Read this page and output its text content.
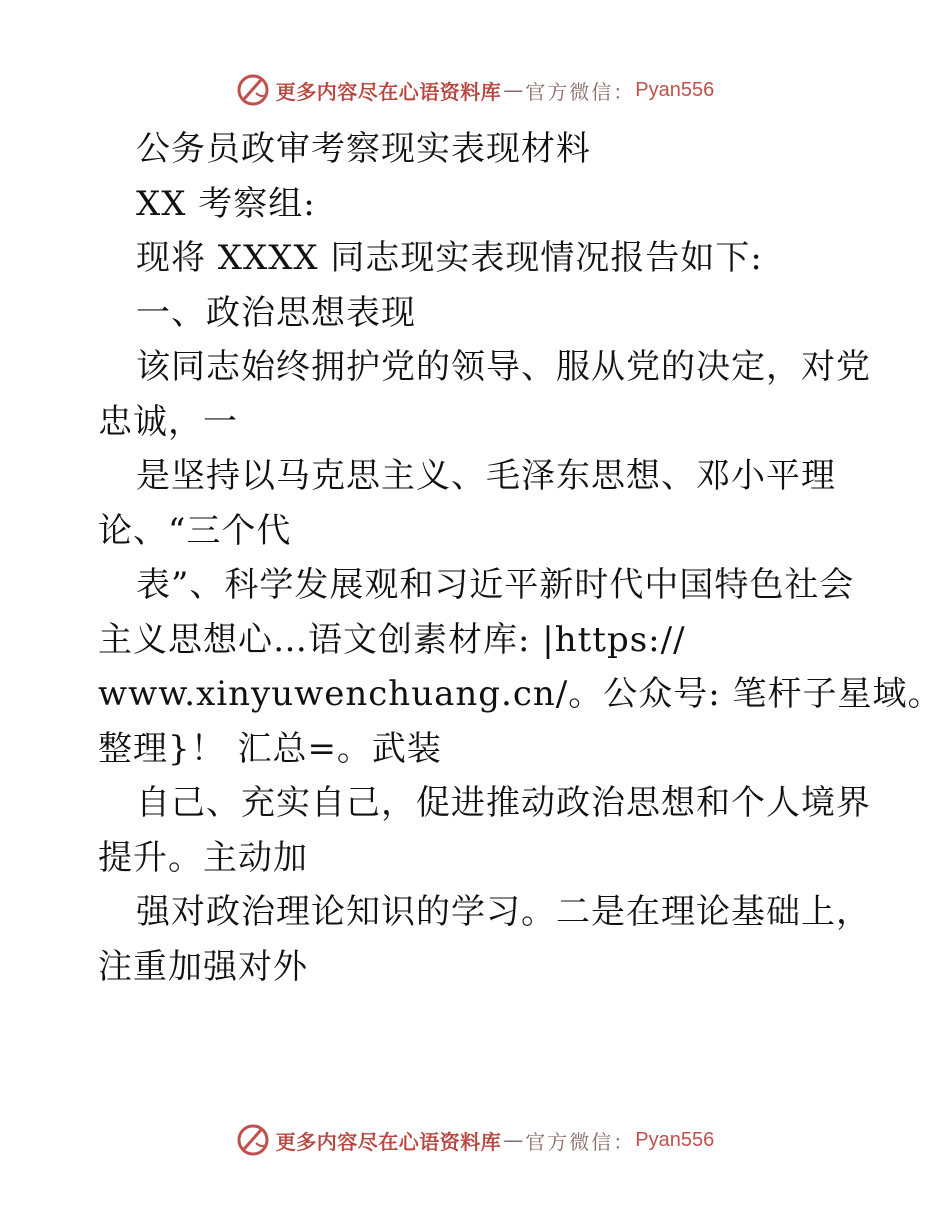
更多内容尽在心语资料库 — 官方微信： Pyan556
公务员政审考察现实表现材料
XX 考察组:
现将 XXXX 同志现实表现情况报告如下:
一、政治思想表现
该同志始终拥护党的领导、服从党的决定，对党
忠诚，一
是坚持以马克思主义、毛泽东思想、邓小平理
论、“三个代
表”、科学发展观和习近平新时代中国特色社会
主义思想心…语文创素材库: |https://
www.xinyuwenchuang.cn/。公众号: 笔杆子星域。
整理}！ 汇总=。武装
自己、充实自己，促进推动政治思想和个人境界
提升。主动加
强对政治理论知识的学习。二是在理论基础上，
注重加强对外
更多内容尽在心语资料库 — 官方微信： Pyan556
